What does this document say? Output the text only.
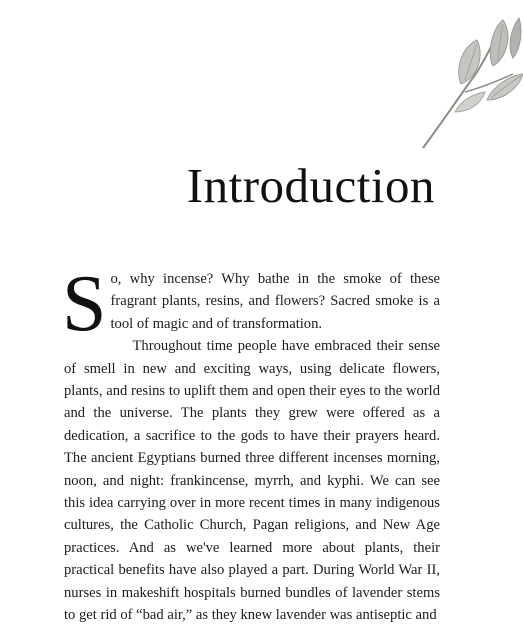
Introduction

So, why incense? Why bathe in the smoke of these fragrant plants, resins, and flowers? Sacred smoke is a tool of magic and of transformation.

Throughout time people have embraced their sense of smell in new and exciting ways, using delicate flowers, plants, and resins to uplift them and open their eyes to the world and the universe. The plants they grew were offered as a dedication, a sacrifice to the gods to have their prayers heard. The ancient Egyptians burned three different incenses morning, noon, and night: frankincense, myrrh, and kyphi. We can see this idea carrying over in more recent times in many indigenous cultures, the Catholic Church, Pagan religions, and New Age practices. And as we've learned more about plants, their practical benefits have also played a part. During World War II, nurses in makeshift hospitals burned bundles of lavender stems to get rid of “bad air,” as they knew lavender was antiseptic and
